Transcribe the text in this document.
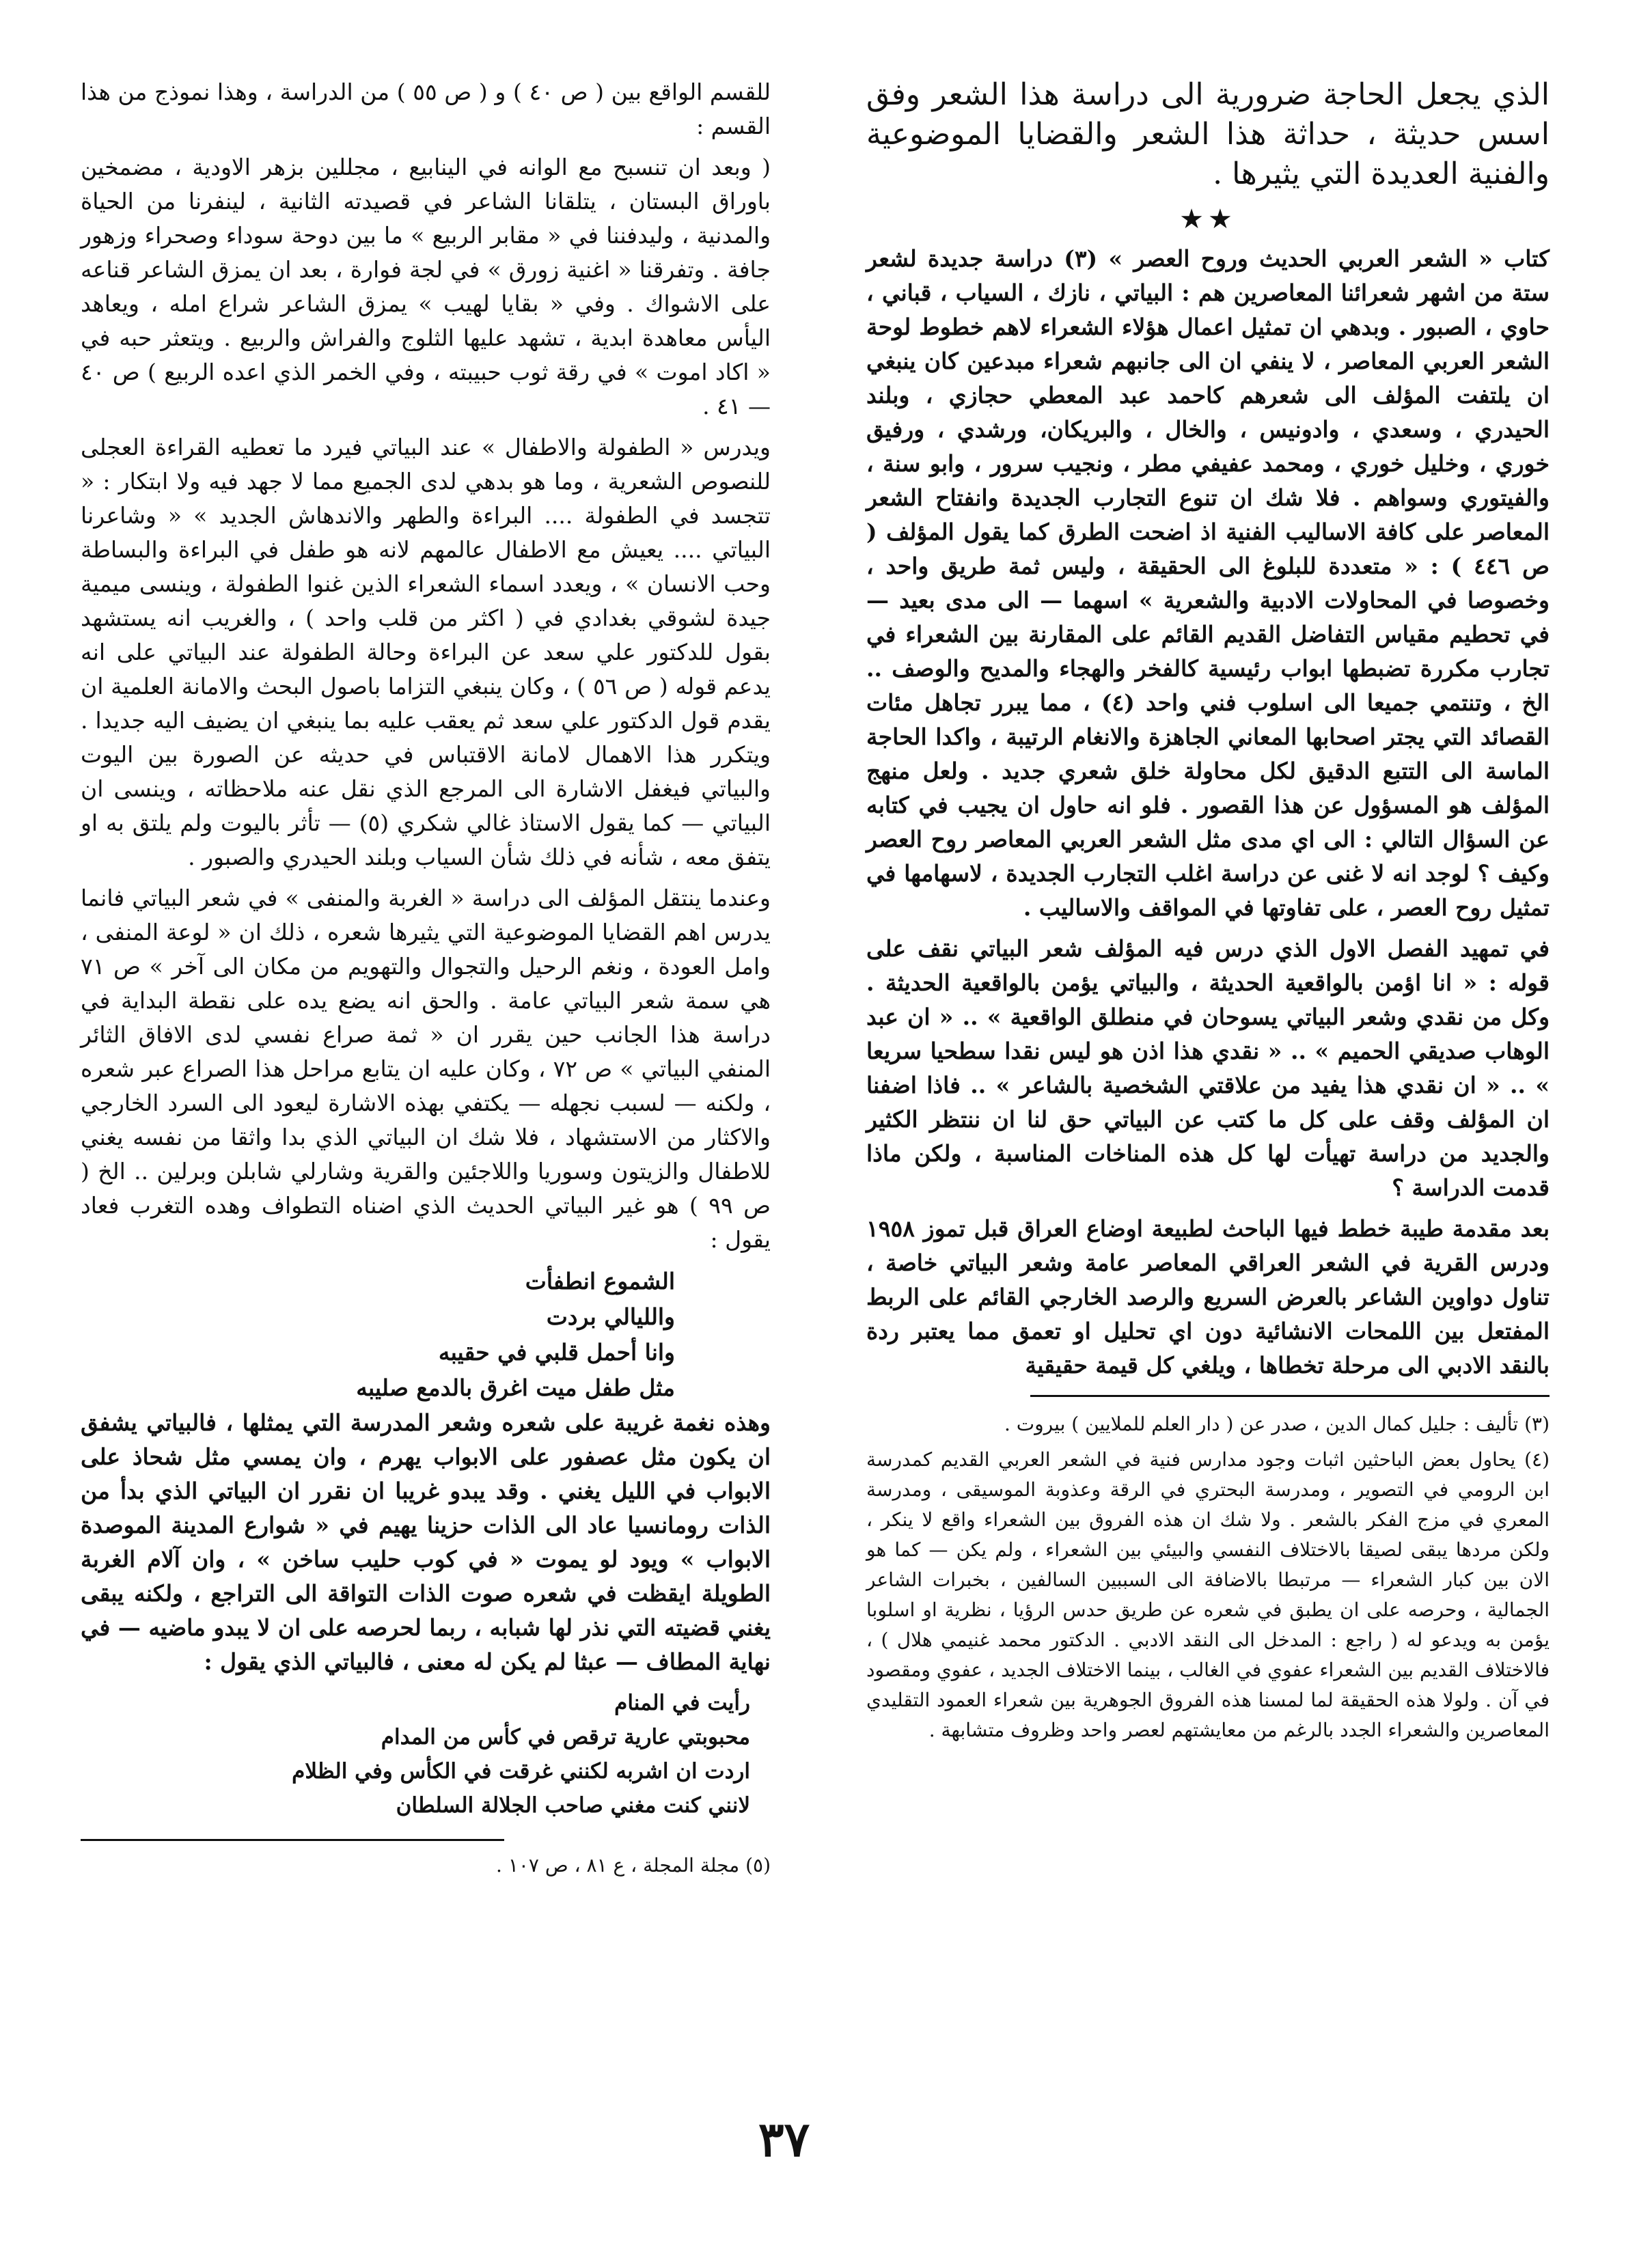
الذي يجعل الحاجة ضرورية الى دراسة هذا الشعر وفق اسس حديثة ، حداثة هذا الشعر والقضايا الموضوعية والفنية العديدة التي يثيرها .
★★

كتاب « الشعر العربي الحديث وروح العصر » (٣) دراسة جديدة لشعر ستة من اشهر شعرائنا المعاصرين هم : البياتي ، نازك ، السياب ، قباني ، حاوي ، الصبور . وبدهي ان تمثيل اعمال هؤلاء الشعراء لاهم خطوط لوحة الشعر العربي المعاصر ، لا ينفي ان الى جانبهم شعراء مبدعين كان ينبغي ان يلتفت المؤلف الى شعرهم كاحمد عبد المعطي حجازي ، وبلند الحيدري ، وسعدي ، وادونيس ، والخال ، والبريكان، ورشدي ، ورفيق خوري ، وخليل خوري ، ومحمد عفيفي مطر ، ونجيب سرور ، وابو سنة ، والفيتوري وسواهم . فلا شك ان تنوع التجارب الجديدة وانفتاح الشعر المعاصر على كافة الاساليب الفنية اذ اضحت الطرق كما يقول المؤلف ( ص ٤٤٦ ) : « متعددة للبلوغ الى الحقيقة ، وليس ثمة طريق واحد ، وخصوصا في المحاولات الادبية والشعرية » اسهما — الى مدى بعيد — في تحطيم مقياس التفاضل القديم القائم على المقارنة بين الشعراء في تجارب مكررة تضبطها ابواب رئيسية كالفخر والهجاء والمديح والوصف .. الخ ، وتنتمي جميعا الى اسلوب فني واحد (٤) ، مما يبرر تجاهل مئات القصائد التي يجتر اصحابها المعاني الجاهزة والانغام الرتيبة ، واكدا الحاجة الماسة الى التتبع الدقيق لكل محاولة خلق شعري جديد . ولعل منهج المؤلف هو المسؤول عن هذا القصور . فلو انه حاول ان يجيب في كتابه عن السؤال التالي : الى اي مدى مثل الشعر العربي المعاصر روح العصر وكيف ؟ لوجد انه لا غنى عن دراسة اغلب التجارب الجديدة ، لاسهامها في تمثيل روح العصر ، على تفاوتها في المواقف والاساليب .

في تمهيد الفصل الاول الذي درس فيه المؤلف شعر البياتي نقف على قوله : « انا اؤمن بالواقعية الحديثة ، والبياتي يؤمن بالواقعية الحديثة . وكل من نقدي وشعر البياتي يسوحان في منطلق الواقعية » .. « ان عبد الوهاب صديقي الحميم » .. « نقدي هذا اذن هو ليس نقدا سطحيا سريعا » .. « ان نقدي هذا يفيد من علاقتي الشخصية بالشاعر » .. فاذا اضفنا ان المؤلف وقف على كل ما كتب عن البياتي حق لنا ان ننتظر الكثير والجديد من دراسة تهيأت لها كل هذه المناخات المناسبة ، ولكن ماذا قدمت الدراسة ؟

بعد مقدمة طيبة خطط فيها الباحث لطبيعة اوضاع العراق قبل تموز ١٩٥٨ ودرس القرية في الشعر العراقي المعاصر عامة وشعر البياتي خاصة ، تناول دواوين الشاعر بالعرض السريع والرصد الخارجي القائم على الربط المفتعل بين اللمحات الانشائية دون اي تحليل او تعمق مما يعتبر ردة بالنقد الادبي الى مرحلة تخطاها ، ويلغي كل قيمة حقيقية

(٣) تأليف : جليل كمال الدين ، صدر عن ( دار العلم للملايين ) بيروت .

(٤) يحاول بعض الباحثين اثبات وجود مدارس فنية في الشعر العربي القديم كمدرسة ابن الرومي في التصوير ، ومدرسة البحتري في الرقة وعذوبة الموسيقى ، ومدرسة المعري في مزج الفكر بالشعر . ولا شك ان هذه الفروق بين الشعراء واقع لا ينكر ، ولكن مردها يبقى لصيقا بالاختلاف النفسي والبيئي بين الشعراء ، ولم يكن — كما هو الان بين كبار الشعراء — مرتبطا بالاضافة الى السببين السالفين ، بخبرات الشاعر الجمالية ، وحرصه على ان يطبق في شعره عن طريق حدس الرؤيا ، نظرية او اسلوبا يؤمن به ويدعو له ( راجع : المدخل الى النقد الادبي . الدكتور محمد غنيمي هلال ) ، فالاختلاف القديم بين الشعراء عفوي في الغالب ، بينما الاختلاف الجديد ، عفوي ومقصود في آن . ولولا هذه الحقيقة لما لمسنا هذه الفروق الجوهرية بين شعراء العمود التقليدي المعاصرين والشعراء الجدد بالرغم من معايشتهم لعصر واحد وظروف متشابهة .

للقسم الواقع بين ( ص ٤٠ ) و ( ص ٥٥ ) من الدراسة ، وهذا نموذج من هذا القسم :

( وبعد ان تنسبح مع الوانه في الينابيع ، مجللين بزهر الاودية ، مضمخين باوراق البستان ، يتلقانا الشاعر في قصيدته الثانية ، لينفرنا من الحياة والمدنية ، وليدفننا في « مقابر الربيع » ما بين دوحة سوداء وصحراء وزهور جافة . وتفرقنا « اغنية زورق » في لجة فوارة ، بعد ان يمزق الشاعر قناعه على الاشواك . وفي « بقايا لهيب » يمزق الشاعر شراع امله ، ويعاهد اليأس معاهدة ابدية ، تشهد عليها الثلوج والفراش والربيع . ويتعثر حبه في « اكاد اموت » في رقة ثوب حبيبته ، وفي الخمر الذي اعده الربيع ) ص ٤٠ — ٤١ .

ويدرس « الطفولة والاطفال » عند البياتي فيرد ما تعطيه القراءة العجلى للنصوص الشعرية ، وما هو بدهي لدى الجميع مما لا جهد فيه ولا ابتكار : « تتجسد في الطفولة .... البراءة والطهر والاندهاش الجديد » « وشاعرنا البياتي .... يعيش مع الاطفال عالمهم لانه هو طفل في البراءة والبساطة وحب الانسان » ، ويعدد اسماء الشعراء الذين غنوا الطفولة ، وينسى ميمية جيدة لشوقي بغدادي في ( اكثر من قلب واحد ) ، والغريب انه يستشهد بقول للدكتور علي سعد عن البراءة وحالة الطفولة عند البياتي على انه يدعم قوله ( ص ٥٦ ) ، وكان ينبغي التزاما باصول البحث والامانة العلمية ان يقدم قول الدكتور علي سعد ثم يعقب عليه بما ينبغي ان يضيف اليه جديدا . ويتكرر هذا الاهمال لامانة الاقتباس في حديثه عن الصورة بين اليوت والبياتي فيغفل الاشارة الى المرجع الذي نقل عنه ملاحظاته ، وينسى ان البياتي — كما يقول الاستاذ غالي شكري (٥) — تأثر باليوت ولم يلتق به او يتفق معه ، شأنه في ذلك شأن السياب وبلند الحيدري والصبور .

وعندما ينتقل المؤلف الى دراسة « الغربة والمنفى » في شعر البياتي فانما يدرس اهم القضايا الموضوعية التي يثيرها شعره ، ذلك ان « لوعة المنفى ، وامل العودة ، ونغم الرحيل والتجوال والتهويم من مكان الى آخر » ص ٧١ هي سمة شعر البياتي عامة . والحق انه يضع يده على نقطة البداية في دراسة هذا الجانب حين يقرر ان « ثمة صراع نفسي لدى الافاق الثائر المنفي البياتي » ص ٧٢ ، وكان عليه ان يتابع مراحل هذا الصراع عبر شعره ، ولكنه — لسبب نجهله — يكتفي بهذه الاشارة ليعود الى السرد الخارجي والاكثار من الاستشهاد ، فلا شك ان البياتي الذي بدا واثقا من نفسه يغني للاطفال والزيتون وسوريا واللاجئين والقرية وشارلي شابلن وبرلين .. الخ ( ص ٩٩ ) هو غير البياتي الحديث الذي اضناه التطواف وهده التغرب فعاد يقول :

الشموع انطفأت

والليالي بردت

وانا أحمل قلبي في حقيبه

مثل طفل ميت اغرق بالدمع صليبه

وهذه نغمة غريبة على شعره وشعر المدرسة التي يمثلها ، فالبياتي يشفق ان يكون مثل عصفور على الابواب يهرم ، وان يمسي مثل شحاذ على الابواب في الليل يغني . وقد يبدو غريبا ان نقرر ان البياتي الذي بدأ من الذات رومانسيا عاد الى الذات حزينا يهيم في « شوارع المدينة الموصدة الابواب » ويود لو يموت « في كوب حليب ساخن » ، وان آلام الغربة الطويلة ايقظت في شعره صوت الذات التواقة الى التراجع ، ولكنه يبقى يغني قضيته التي نذر لها شبابه ، ربما لحرصه على ان لا يبدو ماضيه — في نهاية المطاف — عبثا لم يكن له معنى ، فالبياتي الذي يقول :

رأيت في المنام

محبوبتي عارية ترقص في كأس من المدام

اردت ان اشربه لكنني غرقت في الكأس وفي الظلام

لانني كنت مغني صاحب الجلالة السلطان

(٥) مجلة المجلة ، ع ٨١ ، ص ١٠٧ .

٣٧
